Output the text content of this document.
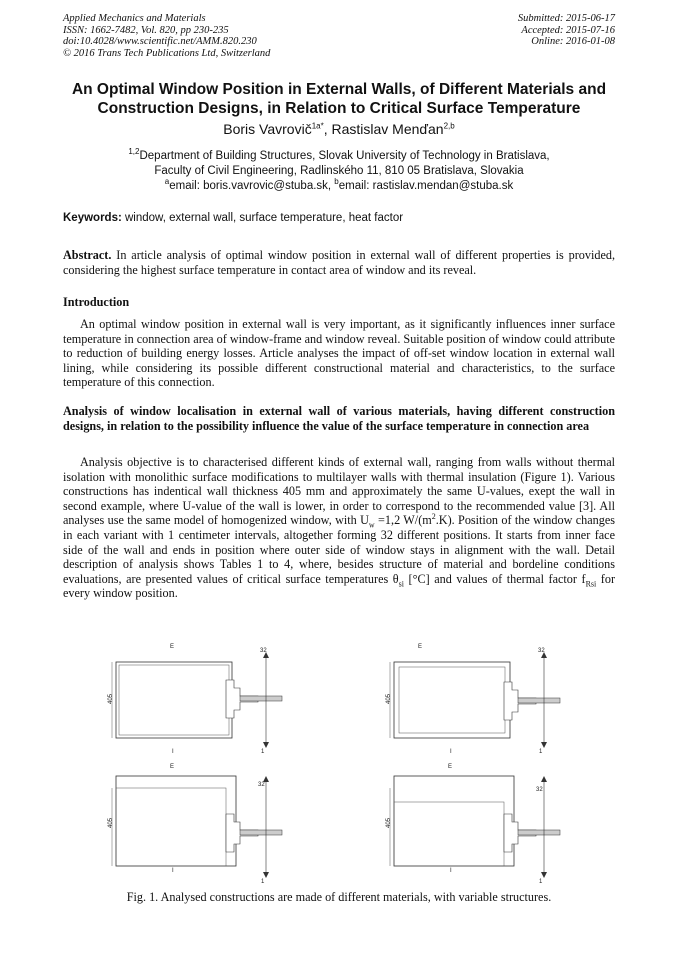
Applied Mechanics and Materials
ISSN: 1662-7482, Vol. 820, pp 230-235
doi:10.4028/www.scientific.net/AMM.820.230
© 2016 Trans Tech Publications Ltd, Switzerland
Submitted: 2015-06-17
Accepted: 2015-07-16
Online: 2016-01-08
An Optimal Window Position in External Walls, of Different Materials and Construction Designs, in Relation to Critical Surface Temperature
Boris Vavrovič$^{1a*}$, Rastislav Menďan$^{2,b}$
$^{1,2}$Department of Building Structures, Slovak University of Technology in Bratislava,
Faculty of Civil Engineering, Radlinského 11, 810 05 Bratislava, Slovakia
$^a$email: boris.vavrovic@stuba.sk, $^b$email: rastislav.mendan@stuba.sk
Keywords: window, external wall, surface temperature, heat factor
Abstract. In article analysis of optimal window position in external wall of different properties is provided, considering the highest surface temperature in contact area of window and its reveal.
Introduction
An optimal window position in external wall is very important, as it significantly influences inner surface temperature in connection area of window-frame and window reveal. Suitable position of window could attribute to reduction of building energy losses. Article analyses the impact of off-set window location in external wall lining, while considering its possible different constructional material and characteristics, to the surface temperature of this connection.
Analysis of window localisation in external wall of various materials, having different construction designs, in relation to the possibility influence the value of the surface temperature in connection area
Analysis objective is to characterised different kinds of external wall, ranging from walls without thermal isolation with monolithic surface modifications to multilayer walls with thermal insulation (Figure 1). Various constructions has indentical wall thickness 405 mm and approximately the same U-values, exept the wall in second example, where U-value of the wall is lower, in order to correspond to the recommended value [3]. All analyses use the same model of homogenized window, with $U_w =1,2$ $W/(m^2.K)$. Position of the window changes in each variant with 1 centimeter intervals, altogether forming 32 different positions. It starts from inner face side of the wall and ends in position where outer side of window stays in alignment with the wall. Detail description of analysis shows Tables 1 to 4, where, besides structure of material and bordeline conditions evaluations, are presented values of critical surface temperatures $\theta_{si}$ [°C] and values of thermal factor $f_{Rsi}$ for every window position.
E
32
1
405
I
E
32
1
405
I
E
32
1
405
I
E
32
1
405
I
Fig. 1. Analysed constructions are made of different materials, with variable structures.
